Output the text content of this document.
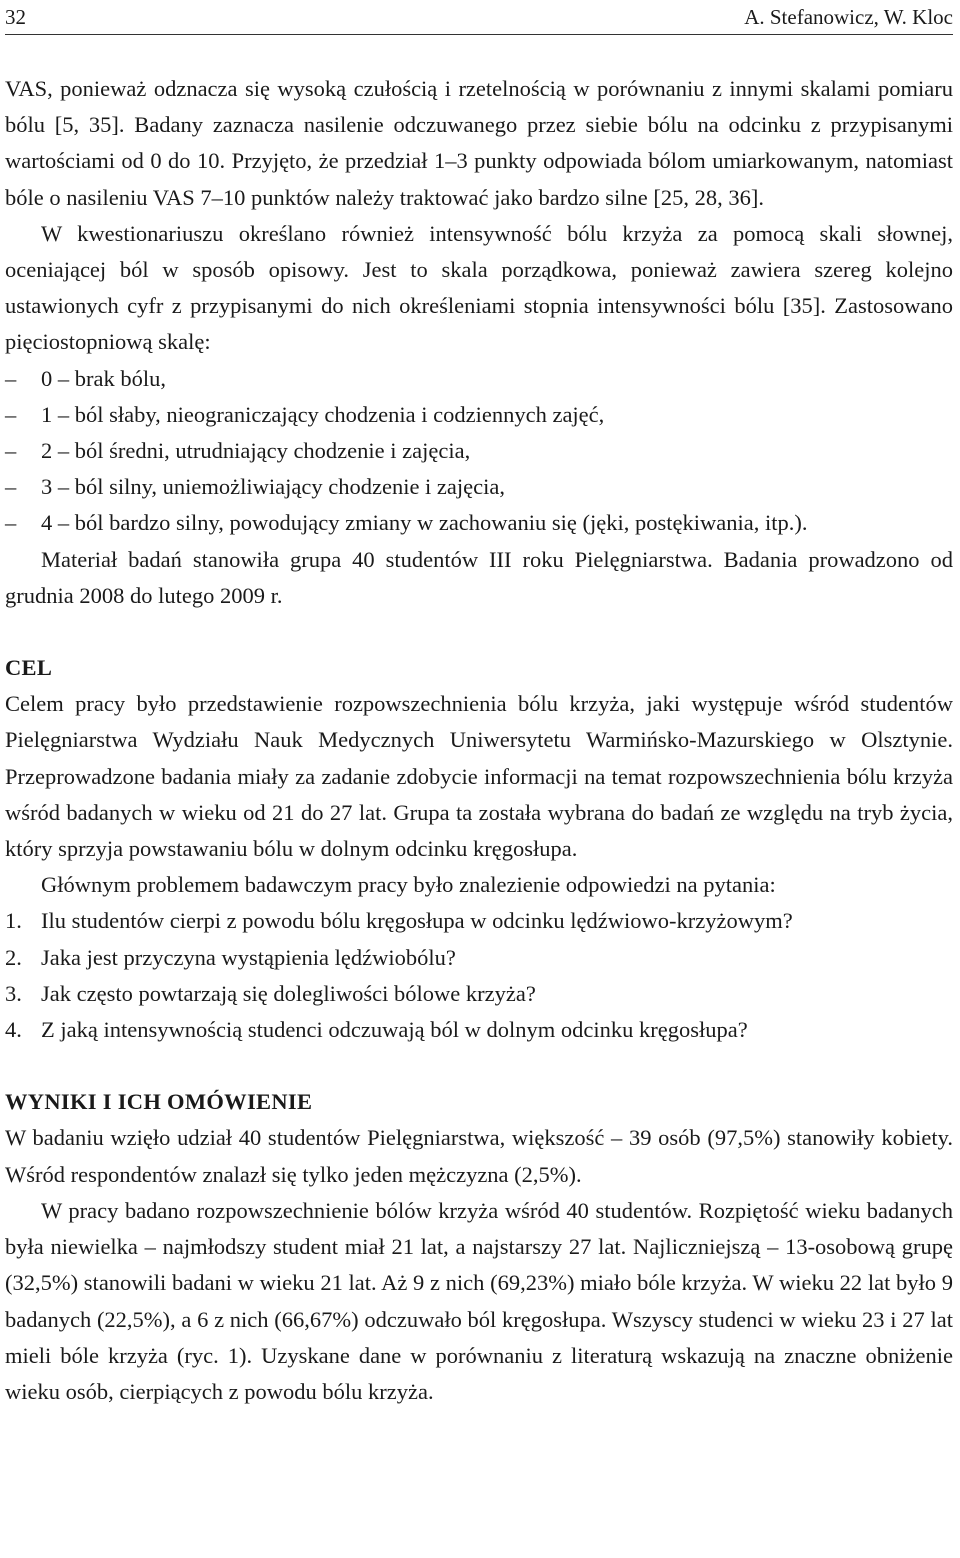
32	A. Stefanowicz, W. Kloc

VAS, ponieważ odznacza się wysoką czułością i rzetelnością w porównaniu z innymi skalami pomiaru bólu [5, 35]. Badany zaznacza nasilenie odczuwanego przez siebie bólu na odcinku z przypisanymi wartościami od 0 do 10. Przyjęto, że przedział 1–3 punkty odpowiada bólom umiarkowanym, natomiast bóle o nasileniu VAS 7–10 punktów należy traktować jako bardzo silne [25, 28, 36].

W kwestionariuszu określano również intensywność bólu krzyża za pomocą skali słownej, oceniającej ból w sposób opisowy. Jest to skala porządkowa, ponieważ zawiera szereg kolejno ustawionych cyfr z przypisanymi do nich określeniami stopnia intensywności bólu [35]. Zastosowano pięciostopniową skalę:

– 0 – brak bólu,
– 1 – ból słaby, nieograniczający chodzenia i codziennych zajęć,
– 2 – ból średni, utrudniający chodzenie i zajęcia,
– 3 – ból silny, uniemożliwiający chodzenie i zajęcia,
– 4 – ból bardzo silny, powodujący zmiany w zachowaniu się (jęki, postękiwania, itp.).

Materiał badań stanowiła grupa 40 studentów III roku Pielęgniarstwa. Badania prowadzono od grudnia 2008 do lutego 2009 r.

CEL

Celem pracy było przedstawienie rozpowszechnienia bólu krzyża, jaki występuje wśród studentów Pielęgniarstwa Wydziału Nauk Medycznych Uniwersytetu Warmińsko-Mazurskiego w Olsztynie. Przeprowadzone badania miały za zadanie zdobycie informacji na temat rozpowszechnienia bólu krzyża wśród badanych w wieku od 21 do 27 lat. Grupa ta została wybrana do badań ze względu na tryb życia, który sprzyja powstawaniu bólu w dolnym odcinku kręgosłupa.

Głównym problemem badawczym pracy było znalezienie odpowiedzi na pytania:

1. Ilu studentów cierpi z powodu bólu kręgosłupa w odcinku lędźwiowo-krzyżowym?
2. Jaka jest przyczyna wystąpienia lędźwiobólu?
3. Jak często powtarzają się dolegliwości bólowe krzyża?
4. Z jaką intensywnością studenci odczuwają ból w dolnym odcinku kręgosłupa?
WYNIKI I ICH OMÓWIENIE

W badaniu wzięło udział 40 studentów Pielęgniarstwa, większość – 39 osób (97,5%) stanowiły kobiety. Wśród respondentów znalazł się tylko jeden mężczyzna (2,5%).

W pracy badano rozpowszechnienie bólów krzyża wśród 40 studentów. Rozpiętość wieku badanych była niewielka – najmłodszy student miał 21 lat, a najstarszy 27 lat. Najliczniejszą – 13-osobową grupę (32,5%) stanowili badani w wieku 21 lat. Aż 9 z nich (69,23%) miało bóle krzyża. W wieku 22 lat było 9 badanych (22,5%), a 6 z nich (66,67%) odczuwało ból kręgosłupa. Wszyscy studenci w wieku 23 i 27 lat mieli bóle krzyża (ryc. 1). Uzyskane dane w porównaniu z literaturą wskazują na znaczne obniżenie wieku osób, cierpiących z powodu bólu krzyża.
